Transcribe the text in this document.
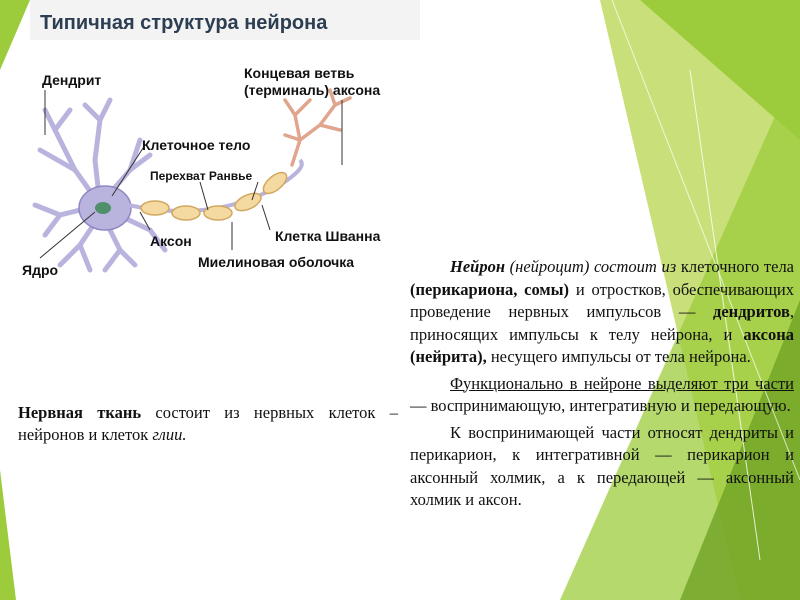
Типичная структура нейрона
Дендрит	Концевая ветвь
(терминаль) аксона
Клеточное тело
Перехват Ранвье
Аксон	Клетка Шванна
Ядро	Миелиновая оболочка
Нервная ткань состоит из нервных клеток – нейронов и клеток глии.

Нейрон (нейроцит) состоит из клеточного тела (перикариона, сомы) и отростков, обеспечивающих проведение нервных импульсов — дендритов, приносящих импульсы к телу нейрона, и аксона (нейрита), несущего импульсы от тела нейрона.

Функционально в нейроне выделяют три части — воспринимающую, интегративную и передающую.

К воспринимающей части относят дендриты и перикарион, к интегративной — перикарион и аксонный холмик, а к передающей — аксонный холмик и аксон.
